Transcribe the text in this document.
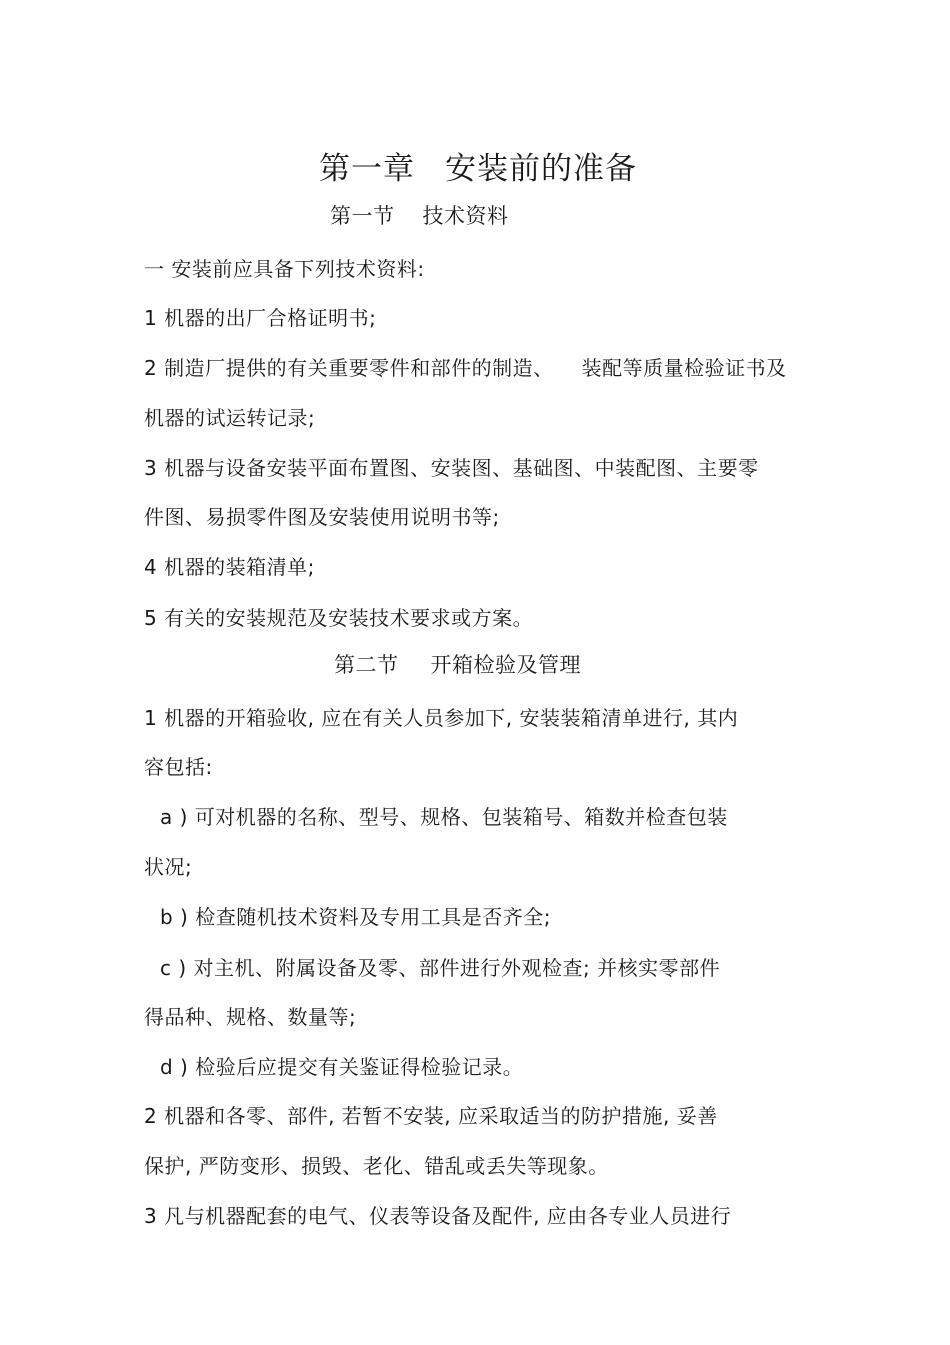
第一章 安装前的准备
第一节 技术资料
一 安装前应具备下列技术资料:
1 机器的出厂合格证明书;
2 制造厂提供的有关重要零件和部件的制造、 装配等质量检验证书及
机器的试运转记录;
3 机器与设备安装平面布置图、安装图、基础图、中装配图、主要零
件图、易损零件图及安装使用说明书等;
4 机器的装箱清单;
5 有关的安装规范及安装技术要求或方案。
第二节 开箱检验及管理
1 机器的开箱验收, 应在有关人员参加下, 安装装箱清单进行, 其内
容包括:
a ) 可对机器的名称、型号、规格、包装箱号、箱数并检查包装
状况;
b ) 检查随机技术资料及专用工具是否齐全;
c ) 对主机、附属设备及零、部件进行外观检查; 并核实零部件
得品种、规格、数量等;
d ) 检验后应提交有关鉴证得检验记录。
2 机器和各零、部件, 若暂不安装, 应采取适当的防护措施, 妥善
保护, 严防变形、损毁、老化、错乱或丢失等现象。
3 凡与机器配套的电气、仪表等设备及配件, 应由各专业人员进行
